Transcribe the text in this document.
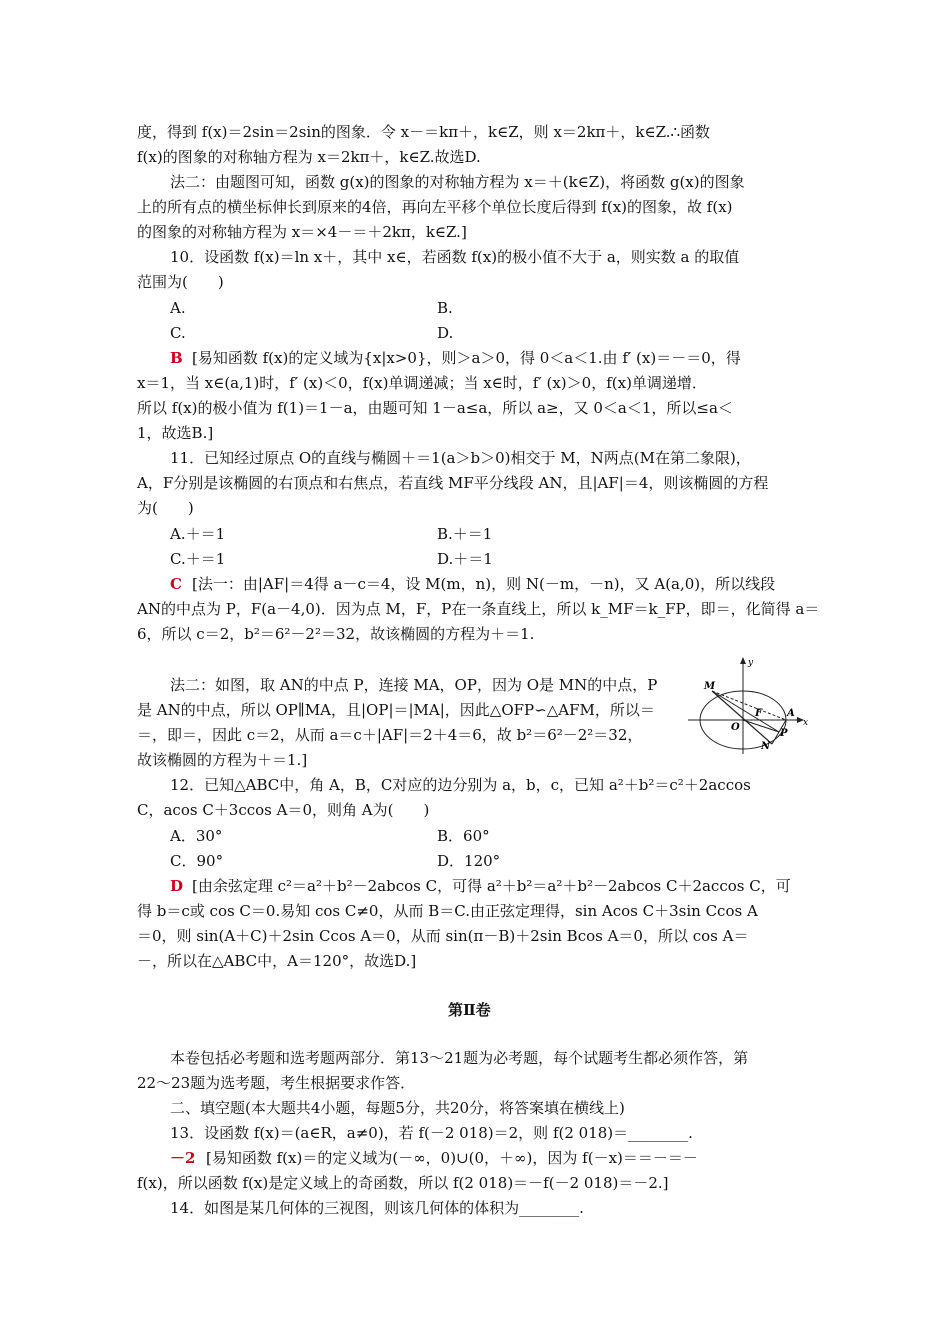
度，得到 f(x)＝2sin＝2sin的图象．令 x－＝kπ＋，k∈Z，则 x＝2kπ＋，k∈Z.∴函数
f(x)的图象的对称轴方程为 x＝2kπ＋，k∈Z.故选D.
法二：由题图可知，函数 g(x)的图象的对称轴方程为 x＝＋(k∈Z)，将函数 g(x)的图象
上的所有点的横坐标伸长到原来的4倍，再向左平移个单位长度后得到 f(x)的图象，故 f(x)
的图象的对称轴方程为 x＝×4－＝＋2kπ，k∈Z.]
10．设函数 f(x)＝ln x＋，其中 x∈，若函数 f(x)的极小值不大于 a，则实数 a 的取值
范围为(　　)
A.	B.
C.	D.
B [易知函数 f(x)的定义域为{x|x>0}，则＞a＞0，得 0＜a＜1.由 f′ (x)＝－＝0，得
x＝1，当 x∈(a,1)时，f′ (x)＜0，f(x)单调递减；当 x∈时，f′ (x)＞0，f(x)单调递增．
所以 f(x)的极小值为 f(1)＝1－a，由题可知 1－a≤a，所以 a≥，又 0＜a＜1，所以≤a＜
1，故选B.]
11．已知经过原点 O的直线与椭圆＋＝1(a＞b＞0)相交于 M，N两点(M在第二象限)，
A，F分别是该椭圆的右顶点和右焦点，若直线 MF平分线段 AN，且|AF|＝4，则该椭圆的方程
为(　　)
A.＋＝1	B.＋＝1
C.＋＝1	D.＋＝1
C [法一：由|AF|＝4得 a－c＝4，设 M(m，n)，则 N(－m，－n)，又 A(a,0)，所以线段
AN的中点为 P，F(a－4,0)．因为点 M，F，P在一条直线上，所以 k_MF＝k_FP，即＝，化简得 a＝
6，所以 c＝2，b²＝6²－2²＝32，故该椭圆的方程为＋＝1.
法二：如图，取 AN的中点 P，连接 MA，OP，因为 O是 MN的中点，P
是 AN的中点，所以 OP∥MA，且|OP|＝|MA|，因此△OFP∽△AFM，所以＝
＝，即＝，因此 c＝2，从而 a＝c＋|AF|＝2＋4＝6，故 b²＝6²－2²＝32，
故该椭圆的方程为＋＝1.]
y
x
M
F A
O
P
N
12．已知△ABC中，角 A，B，C对应的边分别为 a，b，c，已知 a²＋b²＝c²＋2accos
C，acos C＋3ccos A＝0，则角 A为(　　)
A．30°	B．60°
C．90°	D．120°
D [由余弦定理 c²＝a²＋b²－2abcos C，可得 a²＋b²＝a²＋b²－2abcos C＋2accos C，可
得 b＝c或 cos C＝0.易知 cos C≠0，从而 B＝C.由正弦定理得，sin Acos C＋3sin Ccos A
＝0，则 sin(A＋C)＋2sin Ccos A＝0，从而 sin(π－B)＋2sin Bcos A＝0，所以 cos A＝
－，所以在△ABC中，A＝120°，故选D.]
第Ⅱ卷
本卷包括必考题和选考题两部分．第13～21题为必考题，每个试题考生都必须作答，第
22～23题为选考题，考生根据要求作答．
二、填空题(本大题共4小题，每题5分，共20分，将答案填在横线上)
13．设函数 f(x)＝(a∈R，a≠0)，若 f(－2 018)＝2，则 f(2 018)＝________.
－2 [易知函数 f(x)＝的定义域为(－∞，0)∪(0，＋∞)，因为 f(－x)＝＝－＝－
f(x)，所以函数 f(x)是定义域上的奇函数，所以 f(2 018)＝－f(－2 018)＝－2.]
14．如图是某几何体的三视图，则该几何体的体积为________.
